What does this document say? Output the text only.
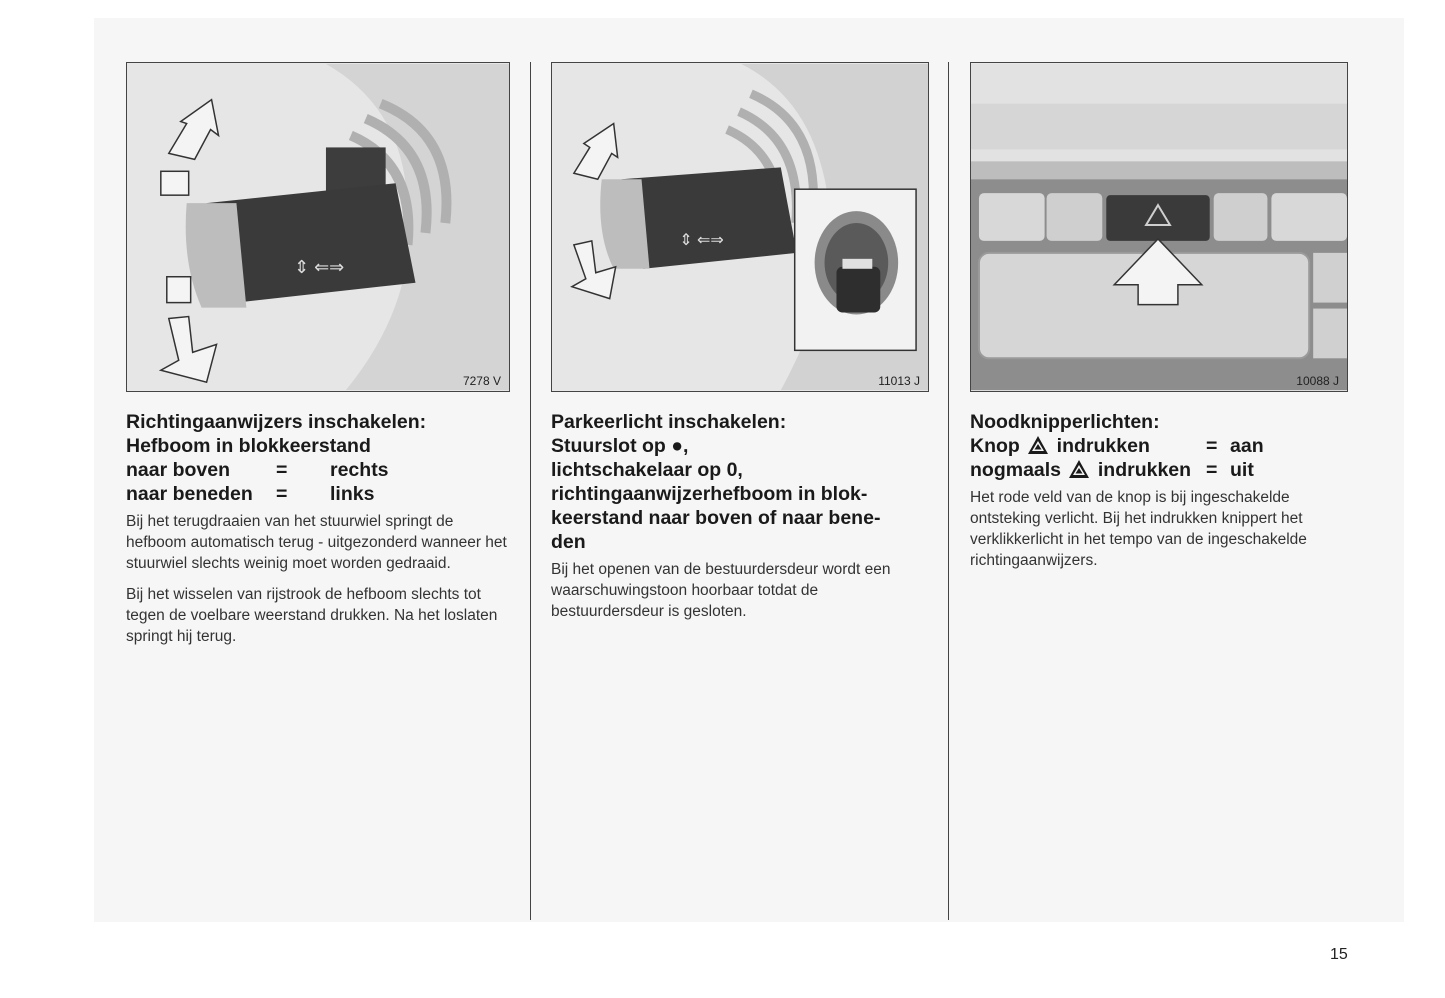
⇕ ⇐⇒
7278 V
Richtingaanwijzers inschakelen:
Hefboom in blokkeerstand
naar boven	=	rechts
naar beneden	=	links

Bij het terugdraaien van het stuurwiel springt de hefboom automatisch terug - uitgezonderd wanneer het stuurwiel slechts weinig moet worden gedraaid.

Bij het wisselen van rijstrook de hefboom slechts tot tegen de voelbare weerstand drukken. Na het loslaten springt hij terug.

⇕ ⇐⇒
11013 J
Parkeerlicht inschakelen:
Stuurslot op ●,
lichtschakelaar op 0,
richtingaanwijzerhefboom in blok-
keerstand naar boven of naar bene-
den

Bij het openen van de bestuurdersdeur wordt een waarschuwingstoon hoorbaar totdat de bestuurdersdeur is gesloten.

10088 J
Noodknipperlichten:
Knop indrukken	= aan
nogmaals indrukken = uit

Het rode veld van de knop is bij ingeschakelde ontsteking verlicht. Bij het indrukken knippert het verklikkerlicht in het tempo van de ingeschakelde richtingaanwijzers.

15
